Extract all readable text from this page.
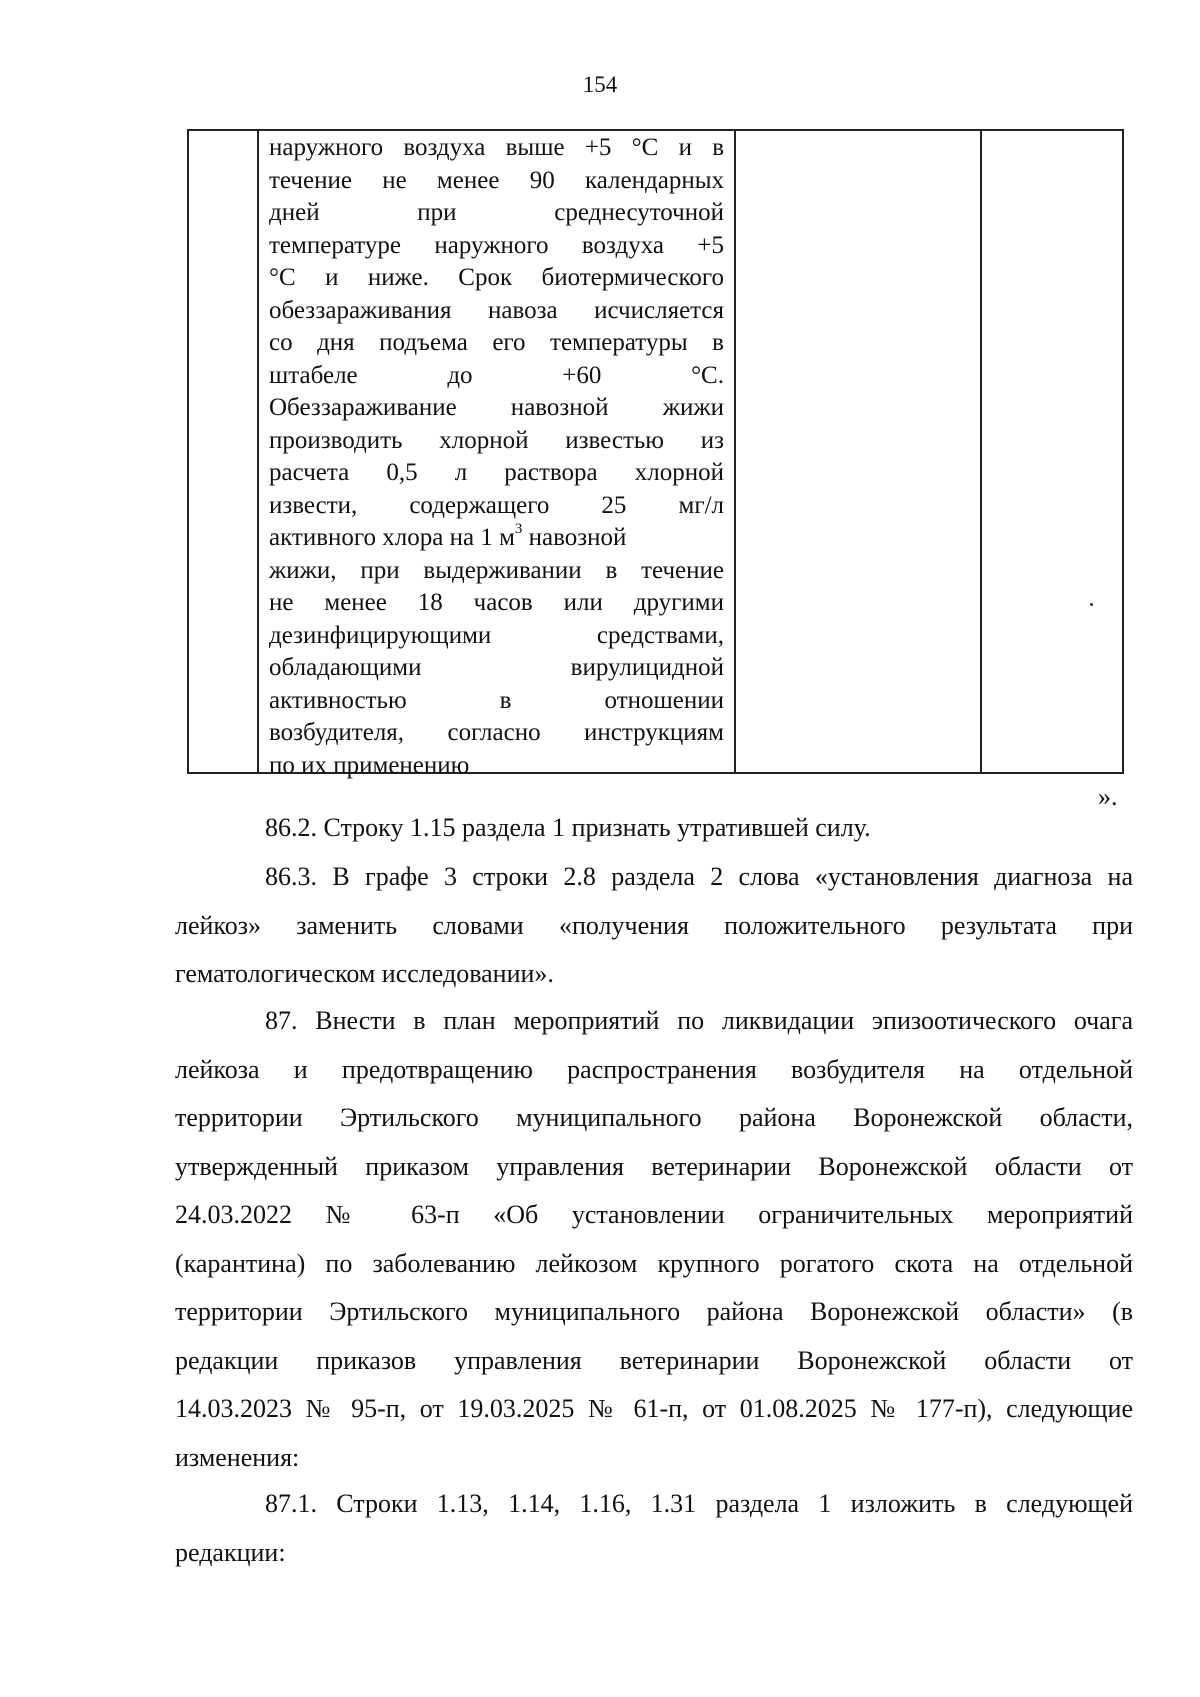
154
наружного воздуха выше +5 °С и в
течение не менее 90 календарных
дней при среднесуточной
температуре наружного воздуха +5
°С и ниже. Срок биотермического
обеззараживания навоза исчисляется
со дня подъема его температуры в
штабеле до +60 °С.
Обеззараживание навозной жижи
производить хлорной известью из
расчета 0,5 л раствора хлорной
извести, содержащего 25 мг/л
активного хлора на 1 $м^3$ навозной
жижи, при выдерживании в течение
не менее 18 часов или другими
дезинфицирующими средствами,
обладающими вирулицидной
активностью в отношении
возбудителя, согласно инструкциям
по их применению
».
86.2. Строку 1.15 раздела 1 признать утратившей силу.
86.3. В графе 3 строки 2.8 раздела 2 слова «установления диагноза на
лейкоз» заменить словами «получения положительного результата при
гематологическом исследовании».
87. Внести в план мероприятий по ликвидации эпизоотического очага
лейкоза и предотвращению распространения возбудителя на отдельной
территории Эртильского муниципального района Воронежской области,
утвержденный приказом управления ветеринарии Воронежской области от
24.03.2022 № 63-п «Об установлении ограничительных мероприятий
(карантина) по заболеванию лейкозом крупного рогатого скота на отдельной
территории Эртильского муниципального района Воронежской области» (в
редакции приказов управления ветеринарии Воронежской области от
14.03.2023 № 95-п, от 19.03.2025 № 61-п, от 01.08.2025 № 177-п), следующие
изменения:
87.1. Строки 1.13, 1.14, 1.16, 1.31 раздела 1 изложить в следующей
редакции:
